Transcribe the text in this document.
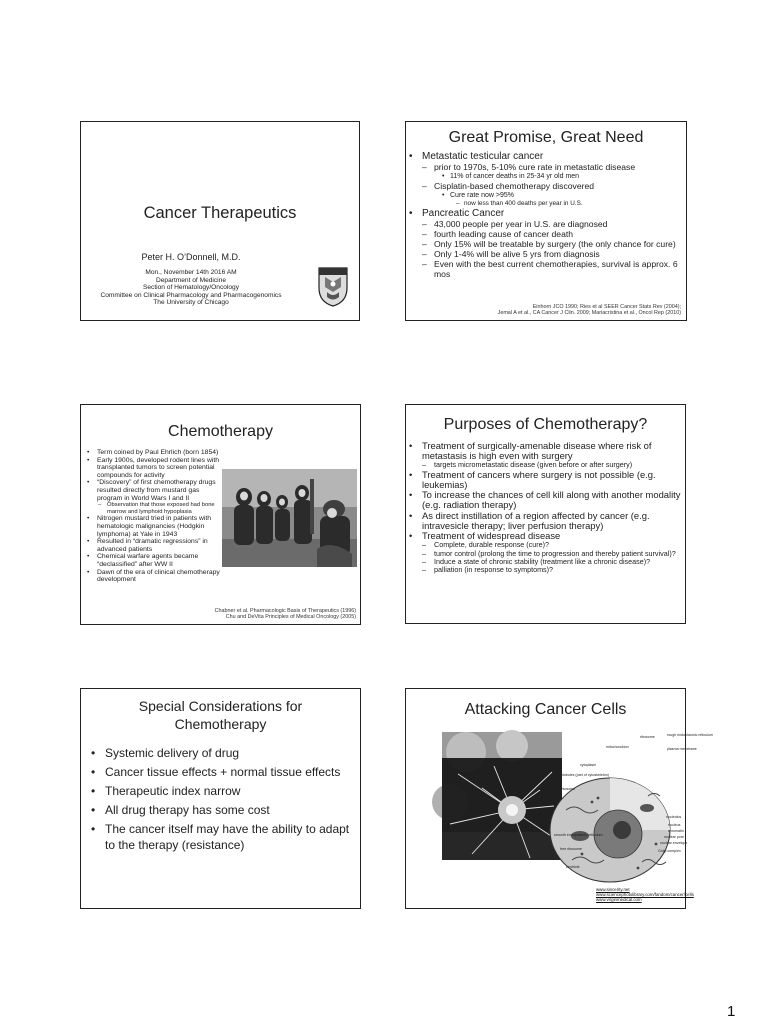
Cancer Therapeutics
Peter H. O’Donnell, M.D.
Mon., November 14th 2016 AM
Department of Medicine
Section of Hematology/Oncology
Committee on Clinical Pharmacology and Pharmacogenomics
The University of Chicago
Great Promise, Great Need
• Metastatic testicular cancer
– prior to 1970s, 5-10% cure rate in metastatic disease
• 11% of cancer deaths in 25-34 yr old men
– Cisplatin-based chemotherapy discovered
• Cure rate now >95%
– now less than 400 deaths per year in U.S.
• Pancreatic Cancer
– 43,000 people per year in U.S. are diagnosed
– fourth leading cause of cancer death
– Only 15% will be treatable by surgery (the only chance for cure)
– Only 1-4% will be alive 5 yrs from diagnosis
– Even with the best current chemotherapies, survival is approx. 6 mos
Einhorn JCO 1990; Ries et al SEER Cancer Stats Rev (2004);
Jemal A et al., CA Cancer J Clin. 2009; Mariacristina et al., Oncol Rep (2010)
Chemotherapy
• Term coined by Paul Ehrlich (born 1854)
• Early 1900s, developed rodent lines with transplanted tumors to screen potential compounds for activity
• “Discovery” of first chemotherapy drugs resulted directly from mustard gas program in World Wars I and II
– Observation that those exposed had bone marrow and lymphoid hypoplasia
• Nitrogen mustard tried in patients with hematologic malignancies (Hodgkin lymphoma) at Yale in 1943
• Resulted in “dramatic regressions” in advanced patients
• Chemical warfare agents became “declassified” after WW II
• Dawn of the era of clinical chemotherapy development
Chabner et al. Pharmacologic Basis of Therapeutics (1996)
Chu and DeVita Principles of Medical Oncology (2005)
Purposes of Chemotherapy?
• Treatment of surgically-amenable disease where risk of metastasis is high even with surgery
– targets micrometastatic disease (given before or after surgery)
• Treatment of cancers where surgery is not possible (e.g. leukemias)
• To increase the chances of cell kill along with another modality (e.g. radiation therapy)
• As direct instillation of a region affected by cancer (e.g. intravesicle therapy; liver perfusion therapy)
• Treatment of widespread disease
– Complete, durable response (cure)?
– tumor control (prolong the time to progression and thereby patient survival)?
– Induce a state of chronic stability (treatment like a chronic disease)?
– palliation (in response to symptoms)?
Special Considerations for
Chemotherapy
• Systemic delivery of drug
• Cancer tissue effects + normal tissue effects
• Therapeutic index narrow
• All drug therapy has some cost
• The cancer itself may have the ability to adapt to the therapy (resistance)
Attacking Cancer Cells
ribosome	rough endoplasmic reticulum
plasma membrane
mitochondrion
cytoplasm
microtubules (part of cytoskeleton)
lysosome
smooth endoplasmic reticulum
free ribosome
centriole
nucleolus
nucleus
chromatin
nuclear pore
nuclear envelope
Golgi complex
www.sincerity.net
www.sciencephotolibrary.com/fandom/cancer/cells
www.virginmedical.com
1
